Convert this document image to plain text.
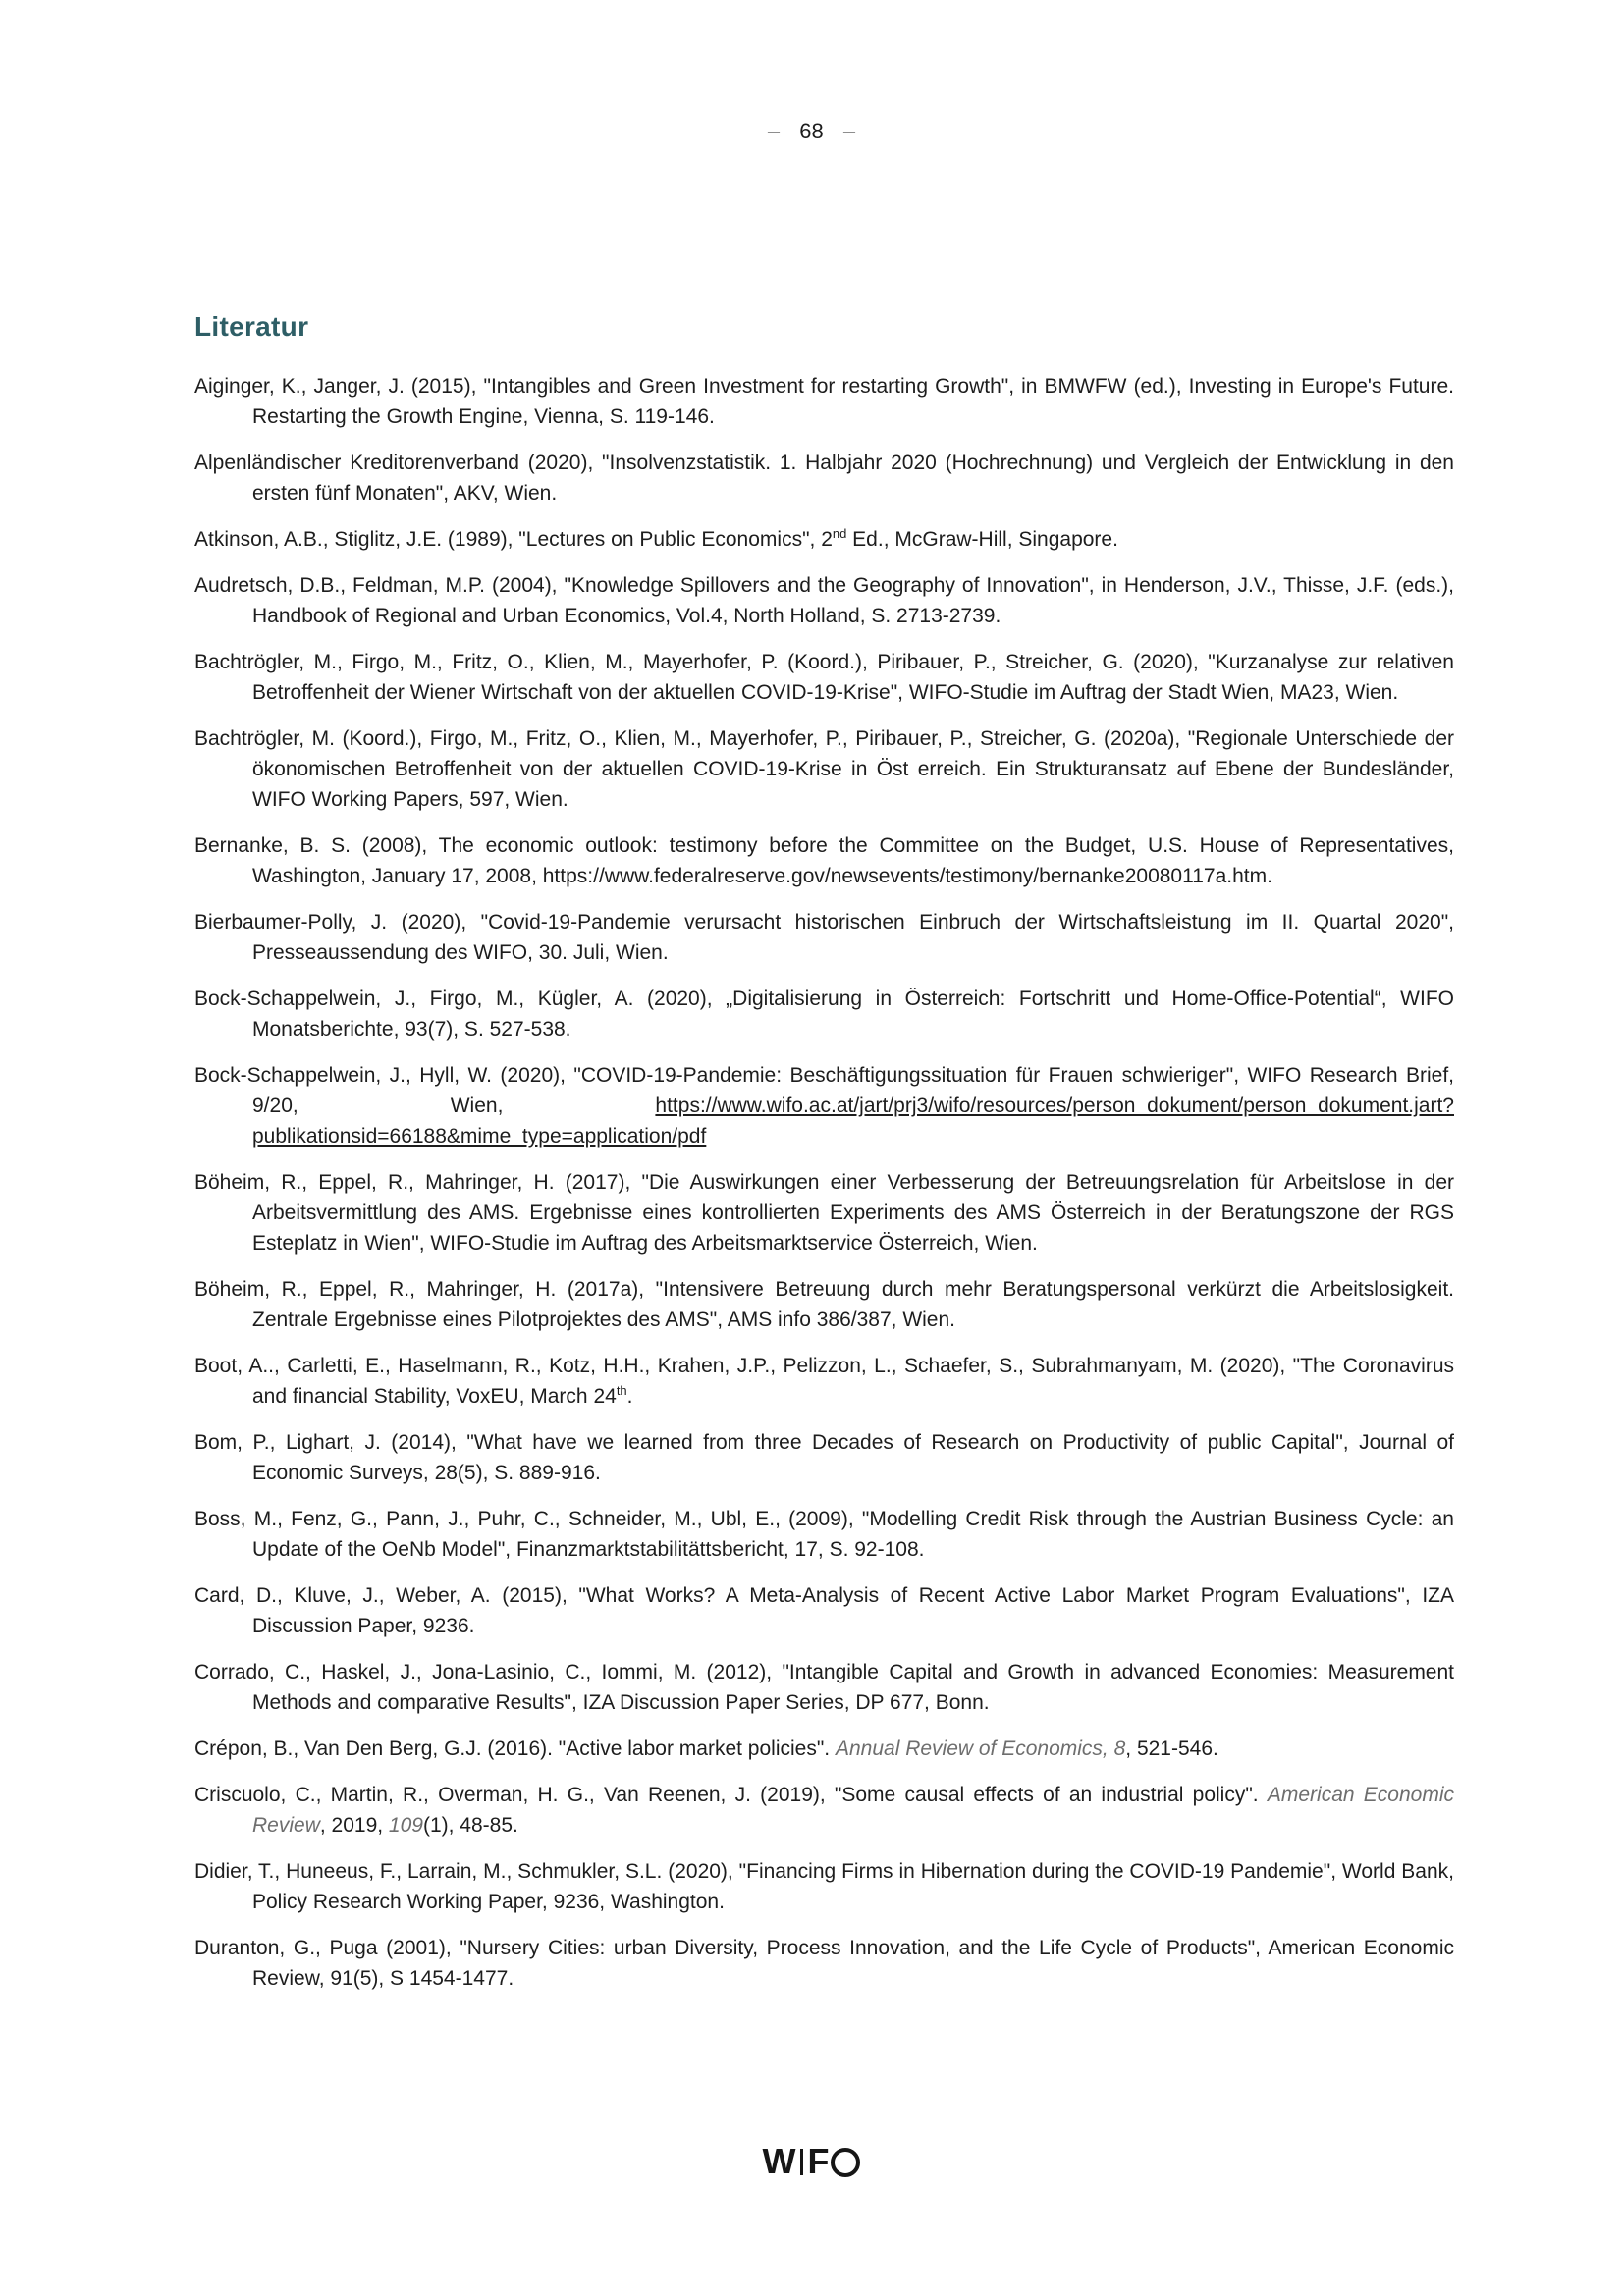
– 68 –
Literatur

Aiginger, K., Janger, J. (2015), "Intangibles and Green Investment for restarting Growth", in BMWFW (ed.), Investing in Europe's Future. Restarting the Growth Engine, Vienna, S. 119-146.

Alpenländischer Kreditorenverband (2020), "Insolvenzstatistik. 1. Halbjahr 2020 (Hochrechnung) und Vergleich der Entwicklung in den ersten fünf Monaten", AKV, Wien.

Atkinson, A.B., Stiglitz, J.E. (1989), "Lectures on Public Economics", 2nd Ed., McGraw-Hill, Singapore.

Audretsch, D.B., Feldman, M.P. (2004), "Knowledge Spillovers and the Geography of Innovation", in Henderson, J.V., Thisse, J.F. (eds.), Handbook of Regional and Urban Economics, Vol.4, North Holland, S. 2713-2739.

Bachtrögler, M., Firgo, M., Fritz, O., Klien, M., Mayerhofer, P. (Koord.), Piribauer, P., Streicher, G. (2020), "Kurzanalyse zur relativen Betroffenheit der Wiener Wirtschaft von der aktuellen COVID-19-Krise", WIFO-Studie im Auftrag der Stadt Wien, MA23, Wien.

Bachtrögler, M. (Koord.), Firgo, M., Fritz, O., Klien, M., Mayerhofer, P., Piribauer, P., Streicher, G. (2020a), "Regionale Unterschiede der ökonomischen Betroffenheit von der aktuellen COVID-19-Krise in Öst erreich. Ein Strukturansatz auf Ebene der Bundesländer, WIFO Working Papers, 597, Wien.

Bernanke, B. S. (2008), The economic outlook: testimony before the Committee on the Budget, U.S. House of Representatives, Washington, January 17, 2008, https://www.federalreserve.gov/newsevents/testimony/bernanke20080117a.htm.

Bierbaumer-Polly, J. (2020), "Covid-19-Pandemie verursacht historischen Einbruch der Wirtschaftsleistung im II. Quartal 2020", Presseaussendung des WIFO, 30. Juli, Wien.

Bock-Schappelwein, J., Firgo, M., Kügler, A. (2020), „Digitalisierung in Österreich: Fortschritt und Home-Office-Potential“, WIFO Monatsberichte, 93(7), S. 527-538.

Bock-Schappelwein, J., Hyll, W. (2020), "COVID-19-Pandemie: Beschäftigungssituation für Frauen schwieriger", WIFO Research Brief, 9/20, Wien, https://www.wifo.ac.at/jart/prj3/wifo/resources/person_dokument/person_dokument.jart?publikationsid=66188&mime_type=application/pdf

Böheim, R., Eppel, R., Mahringer, H. (2017), "Die Auswirkungen einer Verbesserung der Betreuungsrelation für Arbeitslose in der Arbeitsvermittlung des AMS. Ergebnisse eines kontrollierten Experiments des AMS Österreich in der Beratungszone der RGS Esteplatz in Wien", WIFO-Studie im Auftrag des Arbeitsmarktservice Österreich, Wien.

Böheim, R., Eppel, R., Mahringer, H. (2017a), "Intensivere Betreuung durch mehr Beratungspersonal verkürzt die Arbeitslosigkeit. Zentrale Ergebnisse eines Pilotprojektes des AMS", AMS info 386/387, Wien.

Boot, A.., Carletti, E., Haselmann, R., Kotz, H.H., Krahen, J.P., Pelizzon, L., Schaefer, S., Subrahmanyam, M. (2020), "The Coronavirus and financial Stability, VoxEU, March 24th.

Bom, P., Lighart, J. (2014), "What have we learned from three Decades of Research on Productivity of public Capital", Journal of Economic Surveys, 28(5), S. 889-916.

Boss, M., Fenz, G., Pann, J., Puhr, C., Schneider, M., Ubl, E., (2009), "Modelling Credit Risk through the Austrian Business Cycle: an Update of the OeNb Model", Finanzmarktstabilitättsbericht, 17, S. 92-108.

Card, D., Kluve, J., Weber, A. (2015), "What Works? A Meta-Analysis of Recent Active Labor Market Program Evaluations", IZA Discussion Paper, 9236.

Corrado, C., Haskel, J., Jona-Lasinio, C., Iommi, M. (2012), "Intangible Capital and Growth in advanced Economies: Measurement Methods and comparative Results", IZA Discussion Paper Series, DP 677, Bonn.

Crépon, B., Van Den Berg, G.J. (2016). "Active labor market policies". Annual Review of Economics, 8, 521-546.

Criscuolo, C., Martin, R., Overman, H. G., Van Reenen, J. (2019), "Some causal effects of an industrial policy". American Economic Review, 2019, 109(1), 48-85.

Didier, T., Huneeus, F., Larrain, M., Schmukler, S.L. (2020), "Financing Firms in Hibernation during the COVID-19 Pandemie", World Bank, Policy Research Working Paper, 9236, Washington.

Duranton, G., Puga (2001), "Nursery Cities: urban Diversity, Process Innovation, and the Life Cycle of Products", American Economic Review, 91(5), S 1454-1477.

W F
